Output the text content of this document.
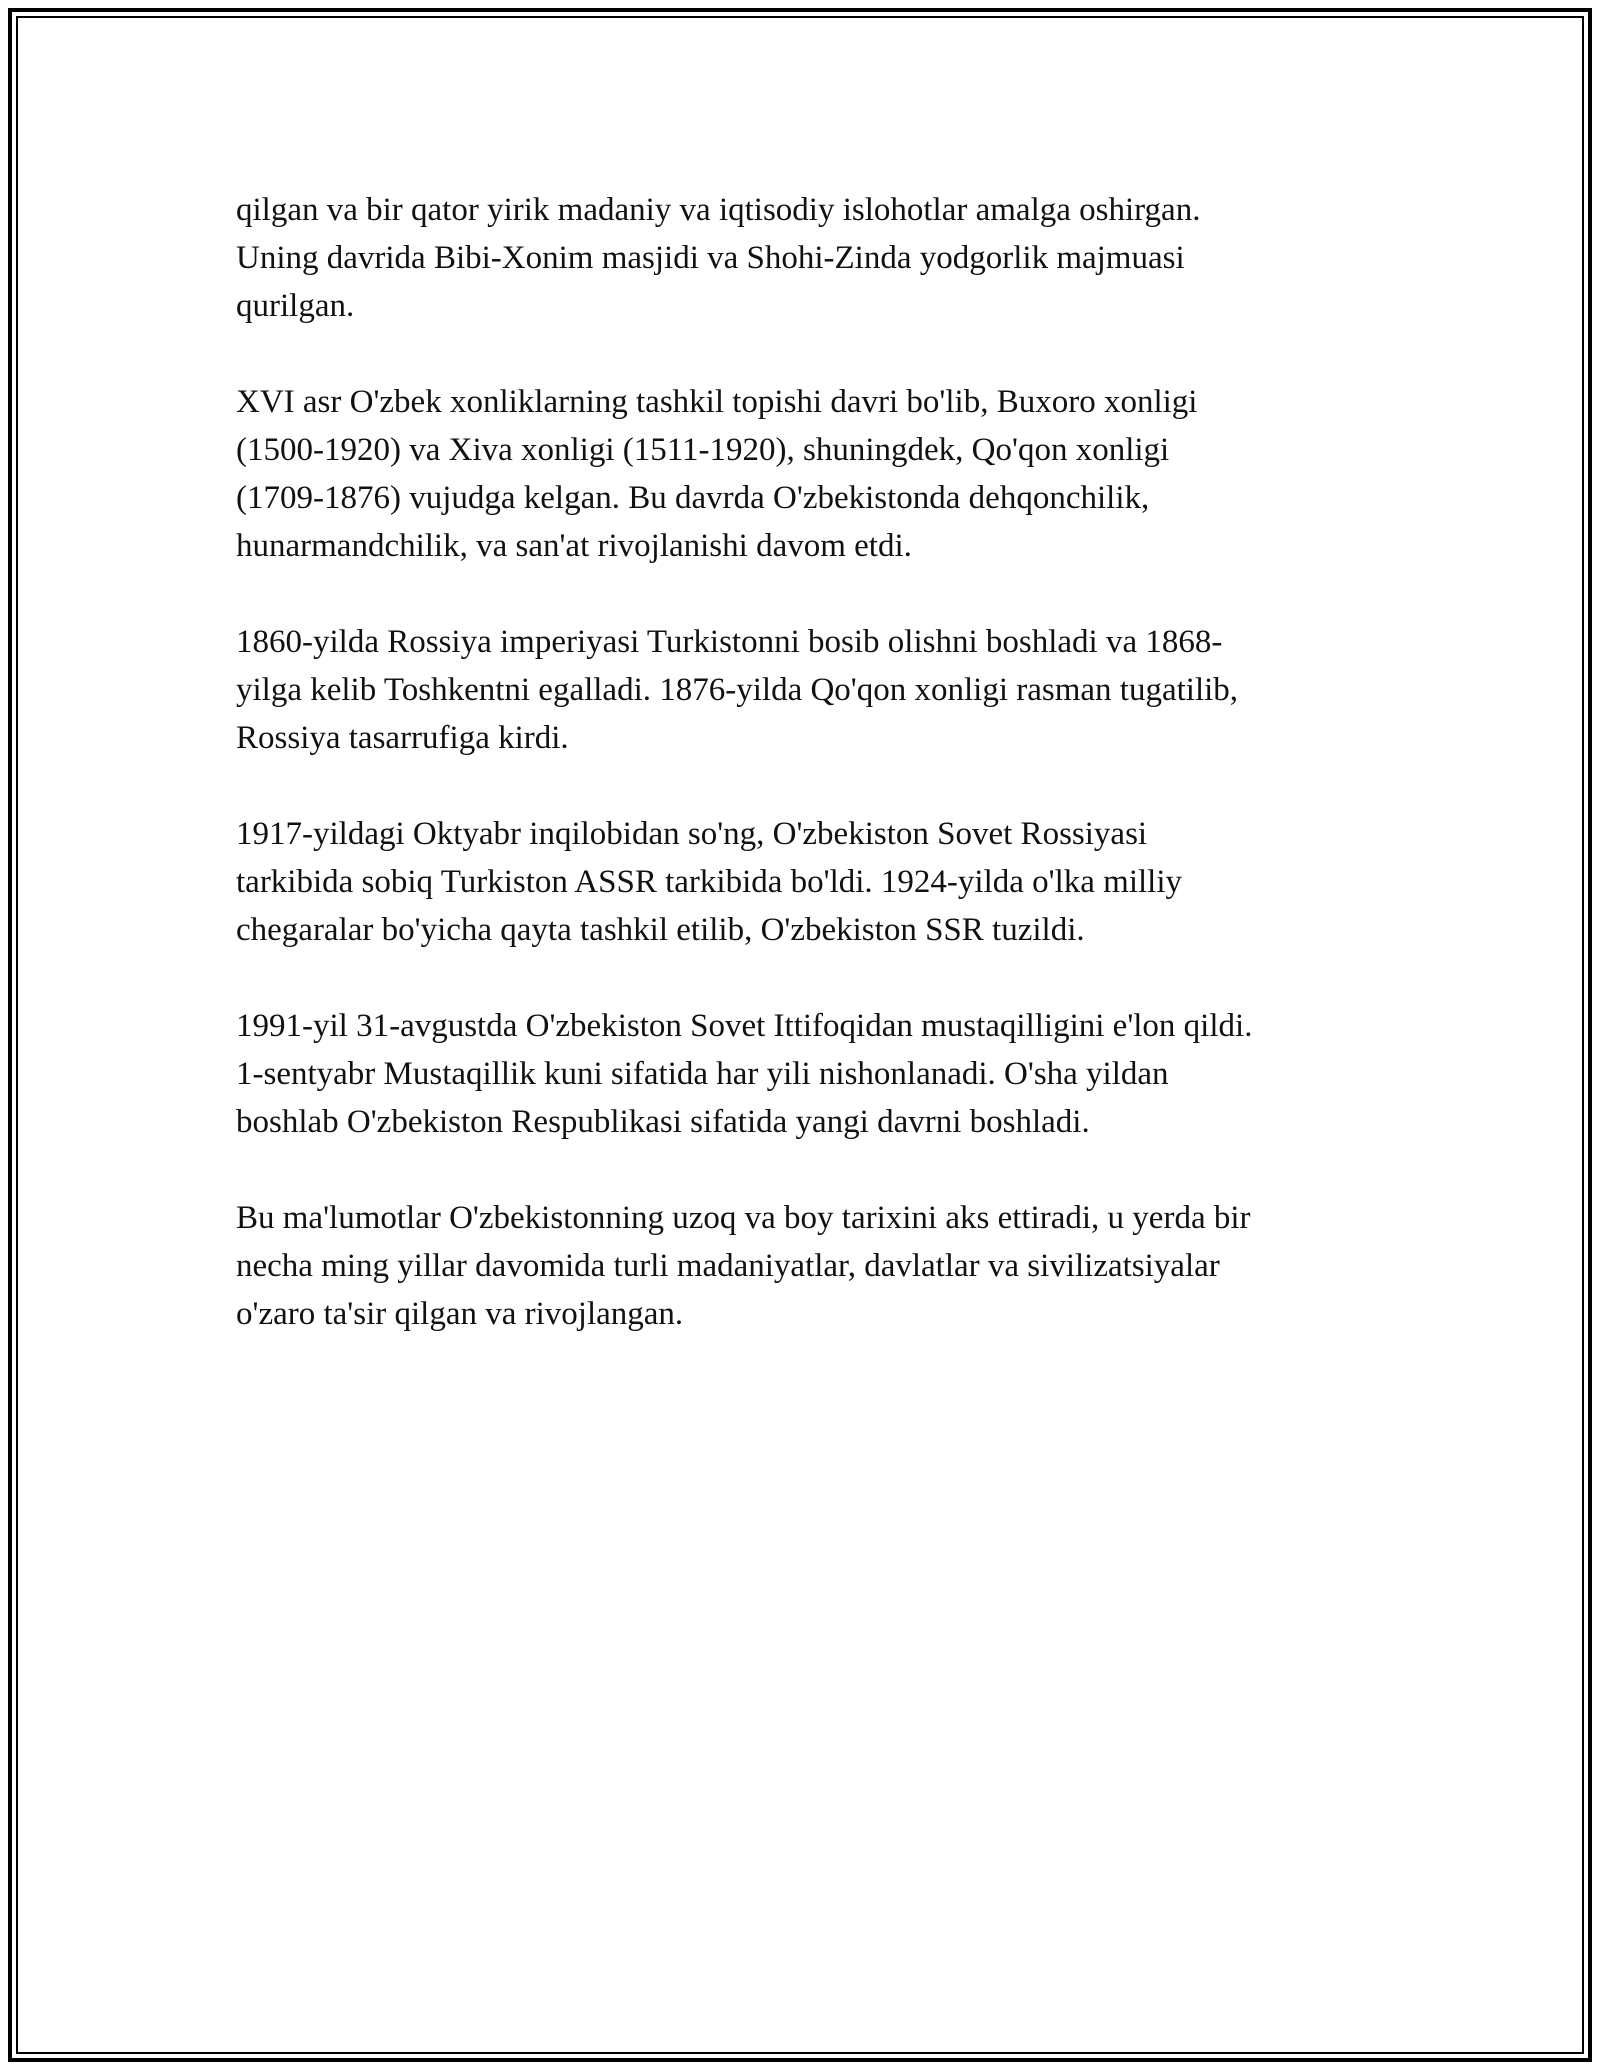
qilgan va bir qator yirik madaniy va iqtisodiy islohotlar amalga oshirgan.
Uning davrida Bibi-Xonim masjidi va Shohi-Zinda yodgorlik majmuasi
qurilgan.

XVI asr O'zbek xonliklarning tashkil topishi davri bo'lib, Buxoro xonligi
(1500-1920) va Xiva xonligi (1511-1920), shuningdek, Qo'qon xonligi
(1709-1876) vujudga kelgan. Bu davrda O'zbekistonda dehqonchilik,
hunarmandchilik, va san'at rivojlanishi davom etdi.

1860-yilda Rossiya imperiyasi Turkistonni bosib olishni boshladi va 1868-
yilga kelib Toshkentni egalladi. 1876-yilda Qo'qon xonligi rasman tugatilib,
Rossiya tasarrufiga kirdi.

1917-yildagi Oktyabr inqilobidan so'ng, O'zbekiston Sovet Rossiyasi
tarkibida sobiq Turkiston ASSR tarkibida bo'ldi. 1924-yilda o'lka milliy
chegaralar bo'yicha qayta tashkil etilib, O'zbekiston SSR tuzildi.

1991-yil 31-avgustda O'zbekiston Sovet Ittifoqidan mustaqilligini e'lon qildi.
1-sentyabr Mustaqillik kuni sifatida har yili nishonlanadi. O'sha yildan
boshlab O'zbekiston Respublikasi sifatida yangi davrni boshladi.

Bu ma'lumotlar O'zbekistonning uzoq va boy tarixini aks ettiradi, u yerda bir
necha ming yillar davomida turli madaniyatlar, davlatlar va sivilizatsiyalar
o'zaro ta'sir qilgan va rivojlangan.
